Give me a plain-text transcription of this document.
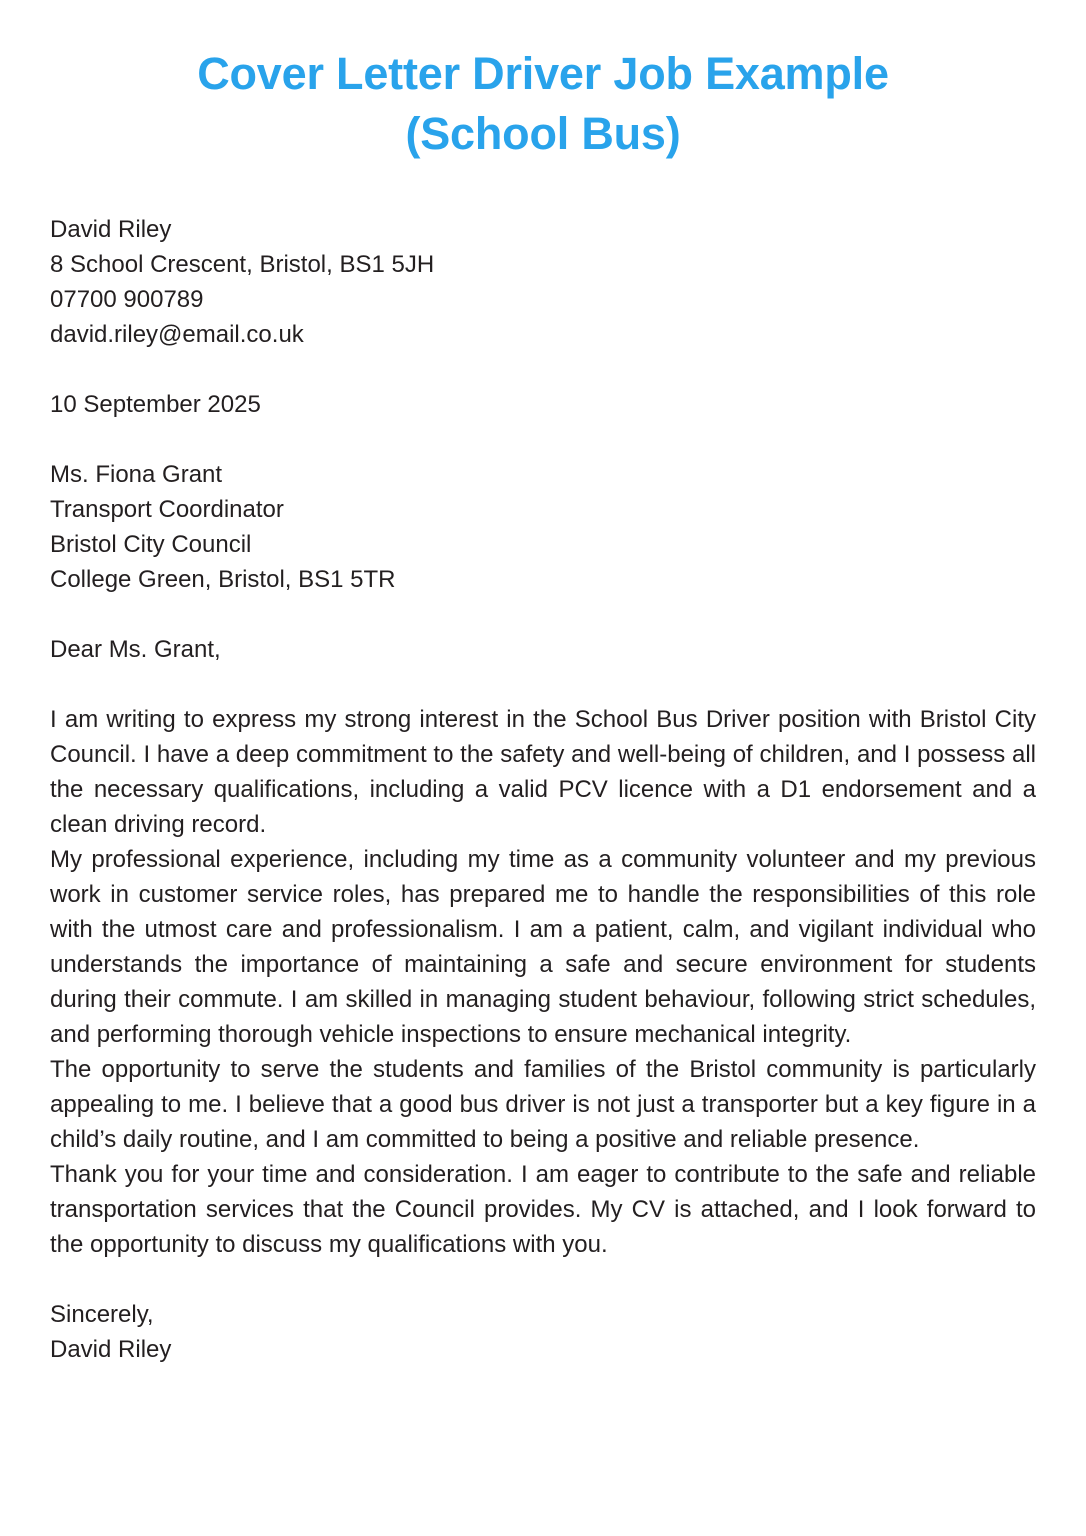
Cover Letter Driver Job Example
(School Bus)
David Riley
8 School Crescent, Bristol, BS1 5JH
07700 900789
david.riley@email.co.uk
10 September 2025
Ms. Fiona Grant
Transport Coordinator
Bristol City Council
College Green, Bristol, BS1 5TR

Dear Ms. Grant,

I am writing to express my strong interest in the School Bus Driver position with Bristol City Council. I have a deep commitment to the safety and well-being of children, and I possess all the necessary qualifications, including a valid PCV licence with a D1 endorsement and a clean driving record.

My professional experience, including my time as a community volunteer and my previous work in customer service roles, has prepared me to handle the responsibilities of this role with the utmost care and professionalism. I am a patient, calm, and vigilant individual who understands the importance of maintaining a safe and secure environment for students during their commute. I am skilled in managing student behaviour, following strict schedules, and performing thorough vehicle inspections to ensure mechanical integrity.

The opportunity to serve the students and families of the Bristol community is particularly appealing to me. I believe that a good bus driver is not just a transporter but a key figure in a child’s daily routine, and I am committed to being a positive and reliable presence.

Thank you for your time and consideration. I am eager to contribute to the safe and reliable transportation services that the Council provides. My CV is attached, and I look forward to the opportunity to discuss my qualifications with you.

Sincerely,
David Riley
